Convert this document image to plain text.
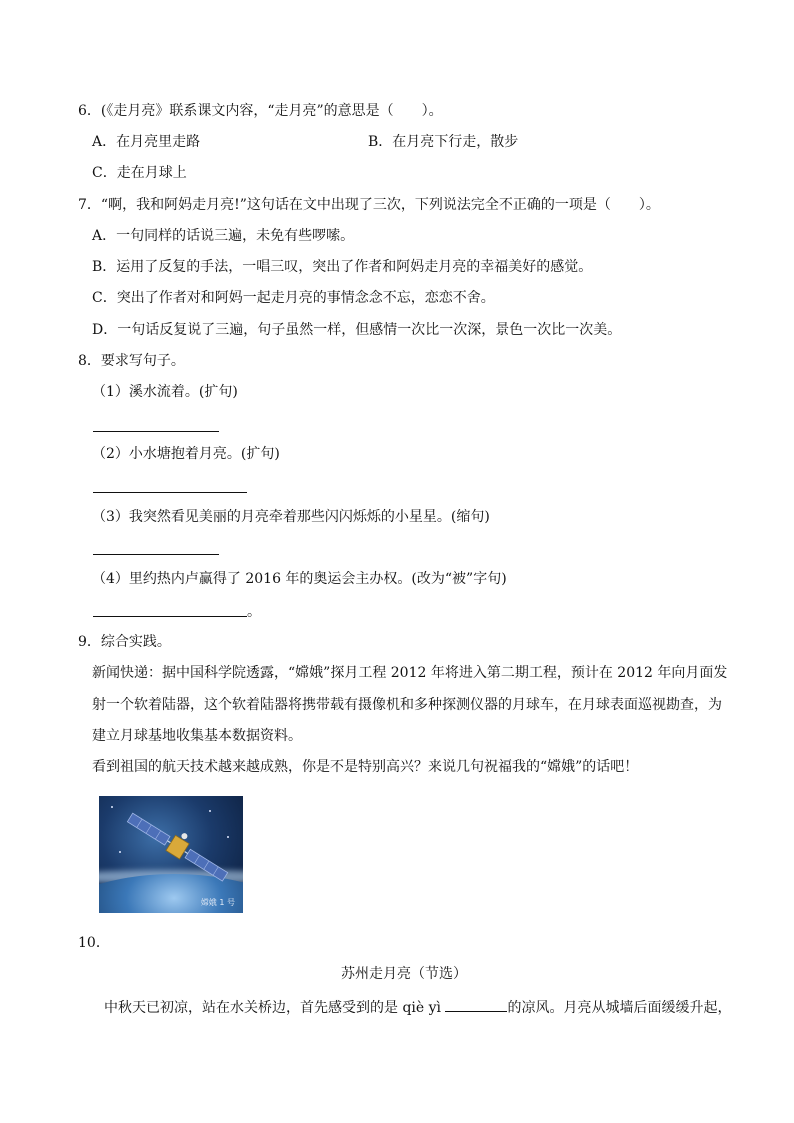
6．(《走月亮》联系课文内容，“走月亮”的意思是（　　）。
A．在月亮里走路	B．在月亮下行走，散步
C．走在月球上
7．“啊，我和阿妈走月亮!”这句话在文中出现了三次，下列说法完全不正确的一项是（　　）。
A．一句同样的话说三遍，未免有些啰嗦。
B．运用了反复的手法，一唱三叹，突出了作者和阿妈走月亮的幸福美好的感觉。
C．突出了作者对和阿妈一起走月亮的事情念念不忘，恋恋不舍。
D．一句话反复说了三遍，句子虽然一样，但感情一次比一次深，景色一次比一次美。
8．要求写句子。
（1）溪水流着。(扩句)
（2）小水塘抱着月亮。(扩句)
（3）我突然看见美丽的月亮牵着那些闪闪烁烁的小星星。(缩句)
（4）里约热内卢赢得了 2016 年的奥运会主办权。(改为“被”字句)
。
9．综合实践。
新闻快递：据中国科学院透露，“嫦娥”探月工程 2012 年将进入第二期工程，预计在 2012 年向月面发
射一个软着陆器，这个软着陆器将携带载有摄像机和多种探测仪器的月球车，在月球表面巡视勘查，为
建立月球基地收集基本数据资料。
看到祖国的航天技术越来越成熟，你是不是特别高兴？来说几句祝福我的“嫦娥”的话吧！
嫦娥 1 号
10．
苏州走月亮（节选）
中秋天已初凉，站在水关桥边，首先感受到的是 qiè yì	的凉风。月亮从城墙后面缓缓升起，
